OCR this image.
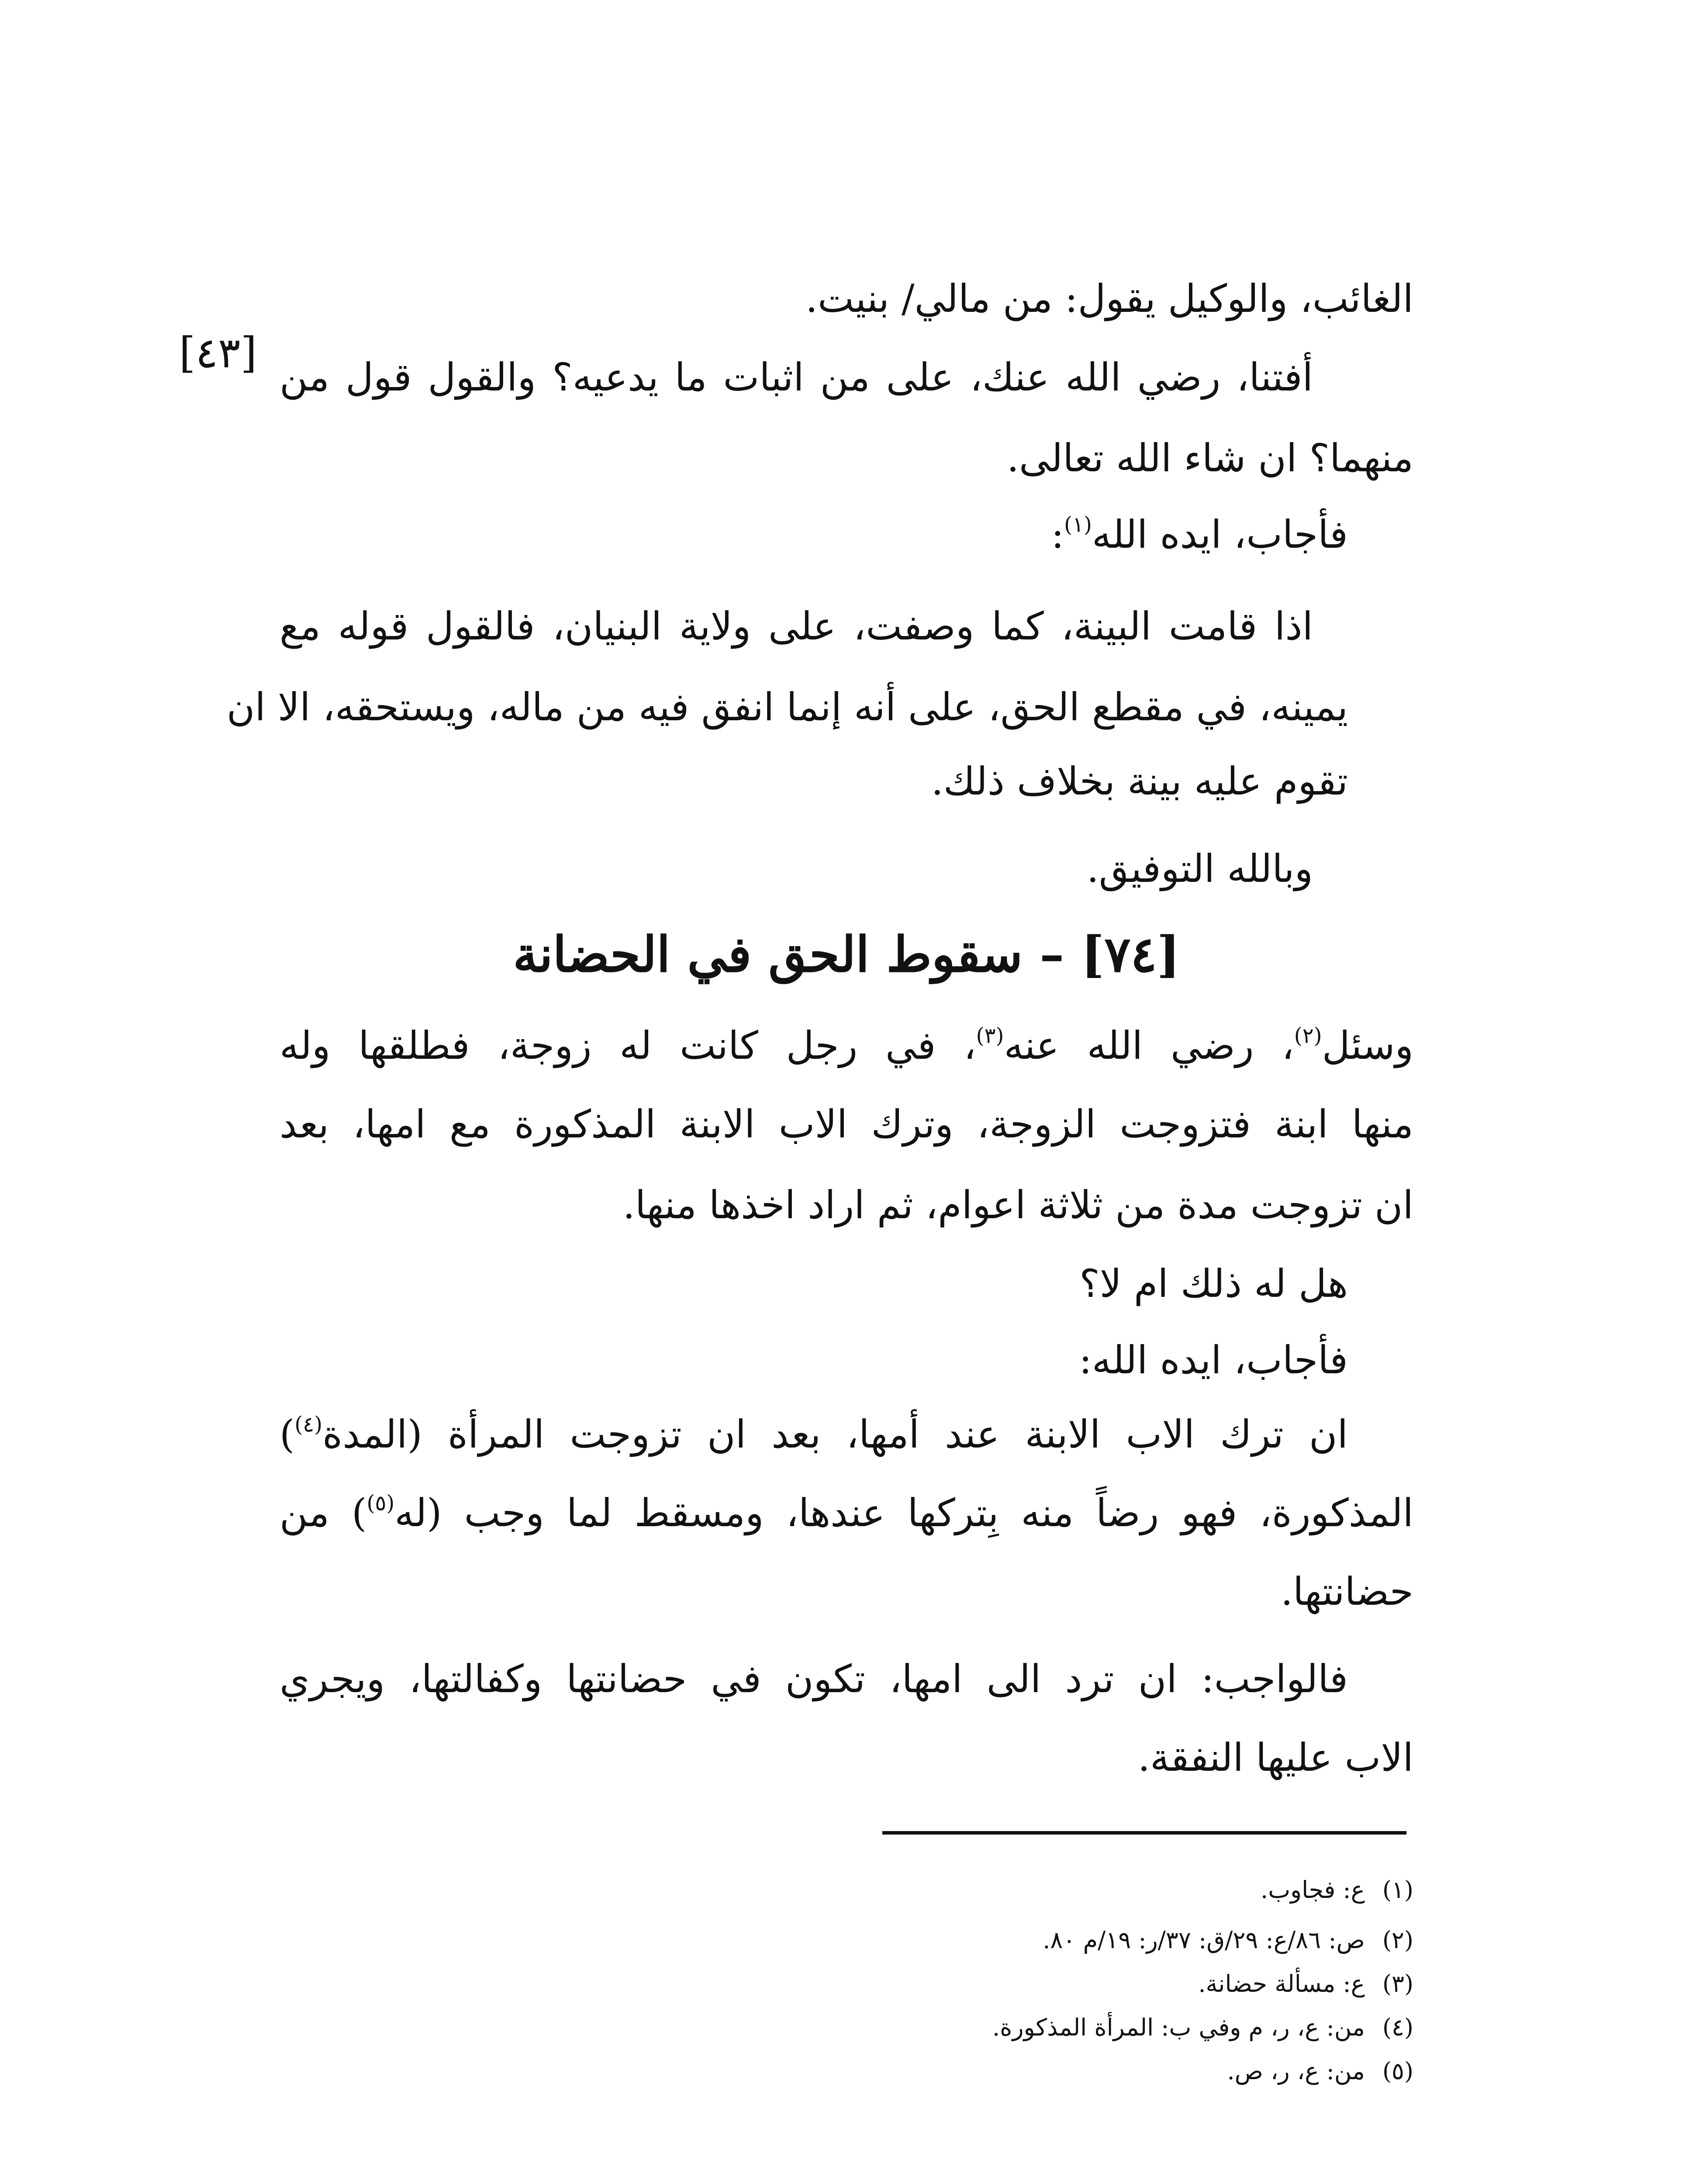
الغائب، والوكيل يقول: من مالي/ بنيت.
[٤٣] أفتنا، رضي الله عنك، على من اثبات ما يدعيه؟ والقول قول من
منهما؟ ان شاء الله تعالى.
فأجاب، ايده الله$^{(١)}$:
اذا قامت البينة، كما وصفت، على ولاية البنيان، فالقول قوله مع
يمينه، في مقطع الحق، على أنه إنما انفق فيه من ماله، ويستحقه، الا ان
تقوم عليه بينة بخلاف ذلك.
وبالله التوفيق.
[٧٤] – سقوط الحق في الحضانة
وسئل$^{(٢)}$، رضي الله عنه$^{(٣)}$، في رجل كانت له زوجة، فطلقها وله
منها ابنة فتزوجت الزوجة، وترك الاب الابنة المذكورة مع امها، بعد
ان تزوجت مدة من ثلاثة اعوام، ثم اراد اخذها منها.
هل له ذلك ام لا؟
فأجاب، ايده الله:
ان ترك الاب الابنة عند أمها، بعد ان تزوجت المرأة (المدة$^{(٤)}$)
المذكورة، فهو رضاً منه بِتركها عندها، ومسقط لما وجب (له$^{(٥)}$) من
حضانتها.
فالواجب: ان ترد الى امها، تكون في حضانتها وكفالتها، ويجري
الاب عليها النفقة.
(١)ع: فجاوب.
(٢)ص: ٨٦/ع: ٢٩/ق: ٣٧/ر: ١٩/م ٨٠.
(٣)ع: مسألة حضانة.
(٤)من: ع، ر، م وفي ب: المرأة المذكورة.
(٥)من: ع، ر، ص.
